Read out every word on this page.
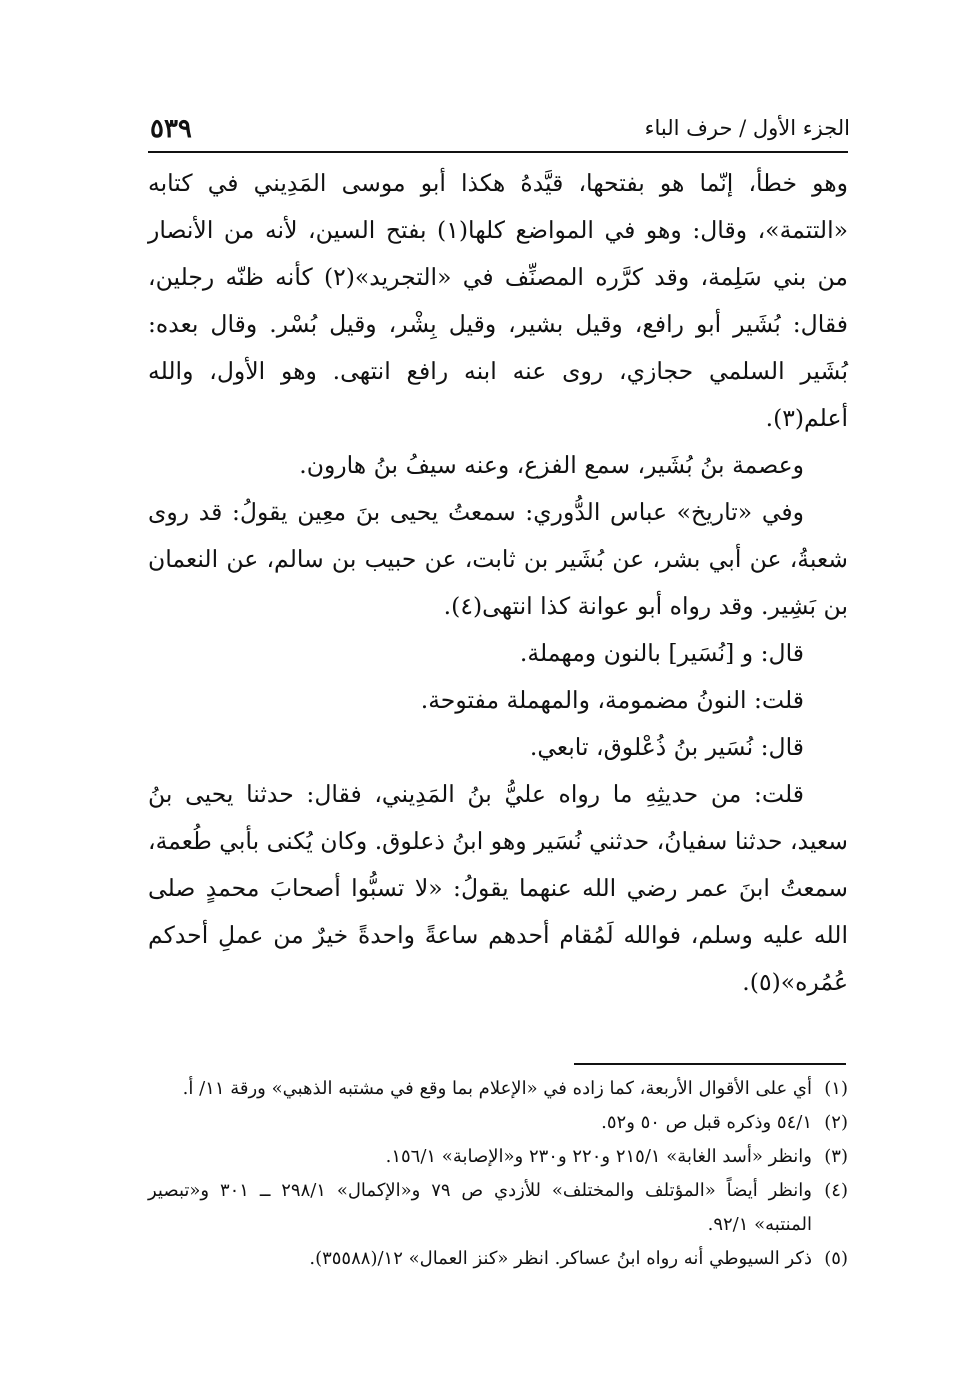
الجزء الأول / حرف الباء
٥٣٩

وهو خطأ، إنّما هو بفتحها، قيَّدهُ هكذا أبو موسى المَدِيني في كتابه «التتمة»، وقال: وهو في المواضع كلها(١) بفتح السين، لأنه من الأنصار من بني سَلِمة، وقد كرَّره المصنِّف في «التجريد»(٢) كأنه ظنّه رجلين، فقال: بُشَير أبو رافع، وقيل بشير، وقيل بِشْر، وقيل بُسْر. وقال بعده: بُشَير السلمي حجازي، روى عنه ابنه رافع انتهى. وهو الأول، والله أعلم(٣).

وعصمة بنُ بُشَير، سمع الفزع، وعنه سيفُ بنُ هارون.

وفي «تاريخ» عباس الدُّوري: سمعتُ يحيى بنَ معِين يقولُ: قد روى شعبةُ، عن أبي بشر، عن بُشَير بن ثابت، عن حبيب بن سالم، عن النعمان بن بَشِير. وقد رواه أبو عوانة كذا انتهى(٤).

قال: و [نُسَير] بالنون ومهملة.

قلت: النونُ مضمومة، والمهملة مفتوحة.

قال: نُسَير بنُ ذُعْلوق، تابعي.

قلت: من حديثِهِ ما رواه عليُّ بنُ المَدِيني، فقال: حدثنا يحيى بنُ سعيد، حدثنا سفيانُ، حدثني نُسَير وهو ابنُ ذعلوق. وكان يُكنى بأبي طُعمة، سمعتُ ابنَ عمر رضي الله عنهما يقولُ: «لا تسبُّوا أصحابَ محمدٍ صلى الله عليه وسلم، فوالله لَمُقام أحدهم ساعةً واحدةً خيرٌ من عملِ أحدكم عُمُره»(٥).

(١)
أي على الأقوال الأربعة، كما زاده في «الإعلام بما وقع في مشتبه الذهبي» ورقة ١١/ أ.
(٢)
٥٤/١ وذكره قبل ص ٥٠ و٥٢.
(٣)
وانظر «أسد الغابة» ٢١٥/١ و٢٢٠ و٢٣٠ و«الإصابة» ١٥٦/١.
(٤)
وانظر أيضاً «المؤتلف والمختلف» للأزدي ص ٧٩ و«الإكمال» ٢٩٨/١ ــ ٣٠١ و«تبصير المنتبه» ٩٢/١.
(٥)
ذكر السيوطي أنه رواه ابنُ عساكر. انظر «كنز العمال» ١٢/(٣٥٥٨٨).
